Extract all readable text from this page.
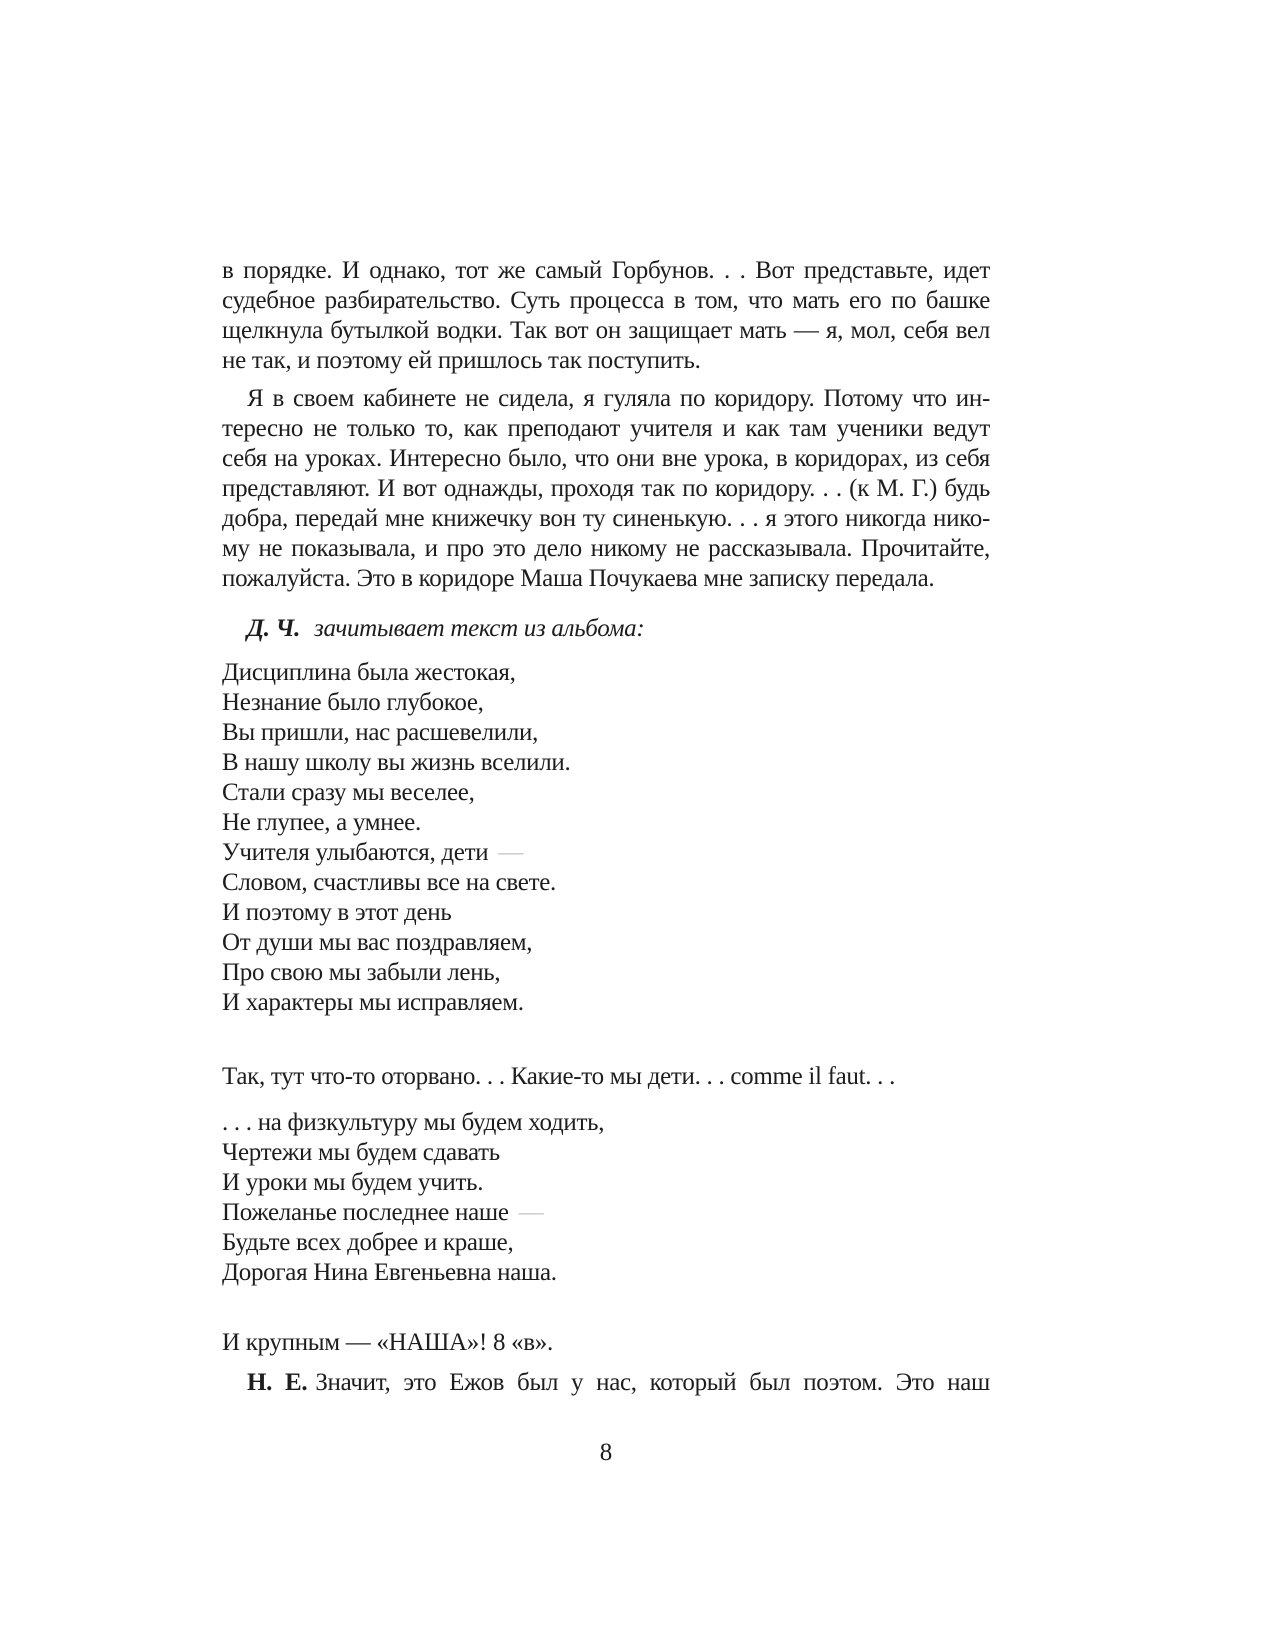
в порядке. И однако, тот же самый Горбунов. . . Вот представьте, идет
судебное разбирательство. Суть процесса в том, что мать его по башке
щелкнула бутылкой водки. Так вот он защищает мать — я, мол, себя вел
не так, и поэтому ей пришлось так поступить.
Я в своем кабинете не сидела, я гуляла по коридору. Потому что ин-
тересно не только то, как преподают учителя и как там ученики ведут
себя на уроках. Интересно было, что они вне урока, в коридорах, из себя
представляют. И вот однажды, проходя так по коридору. . . (к М. Г.) будь
добра, передай мне книжечку вон ту синенькую. . . я этого никогда нико-
му не показывала, и про это дело никому не рассказывала. Прочитайте,
пожалуйста. Это в коридоре Маша Почукаева мне записку передала.
Д. Ч. зачитывает текст из альбома:
Дисциплина была жестокая,
Незнание было глубокое,
Вы пришли, нас расшевелили,
В нашу школу вы жизнь вселили.
Стали сразу мы веселее,
Не глупее, а умнее.
Учителя улыбаются, дети —
Словом, счастливы все на свете.
И поэтому в этот день
От души мы вас поздравляем,
Про свою мы забыли лень,
И характеры мы исправляем.
Так, тут что-то оторвано. . . Какие-то мы дети. . . comme il faut. . .
. . . на физкультуру мы будем ходить,
Чертежи мы будем сдавать
И уроки мы будем учить.
Пожеланье последнее наше —
Будьте всех добрее и краше,
Дорогая Нина Евгеньевна наша.
И крупным — «НАША»! 8 «в».
Н. Е. Значит, это Ежов был у нас, который был поэтом. Это наш
8
